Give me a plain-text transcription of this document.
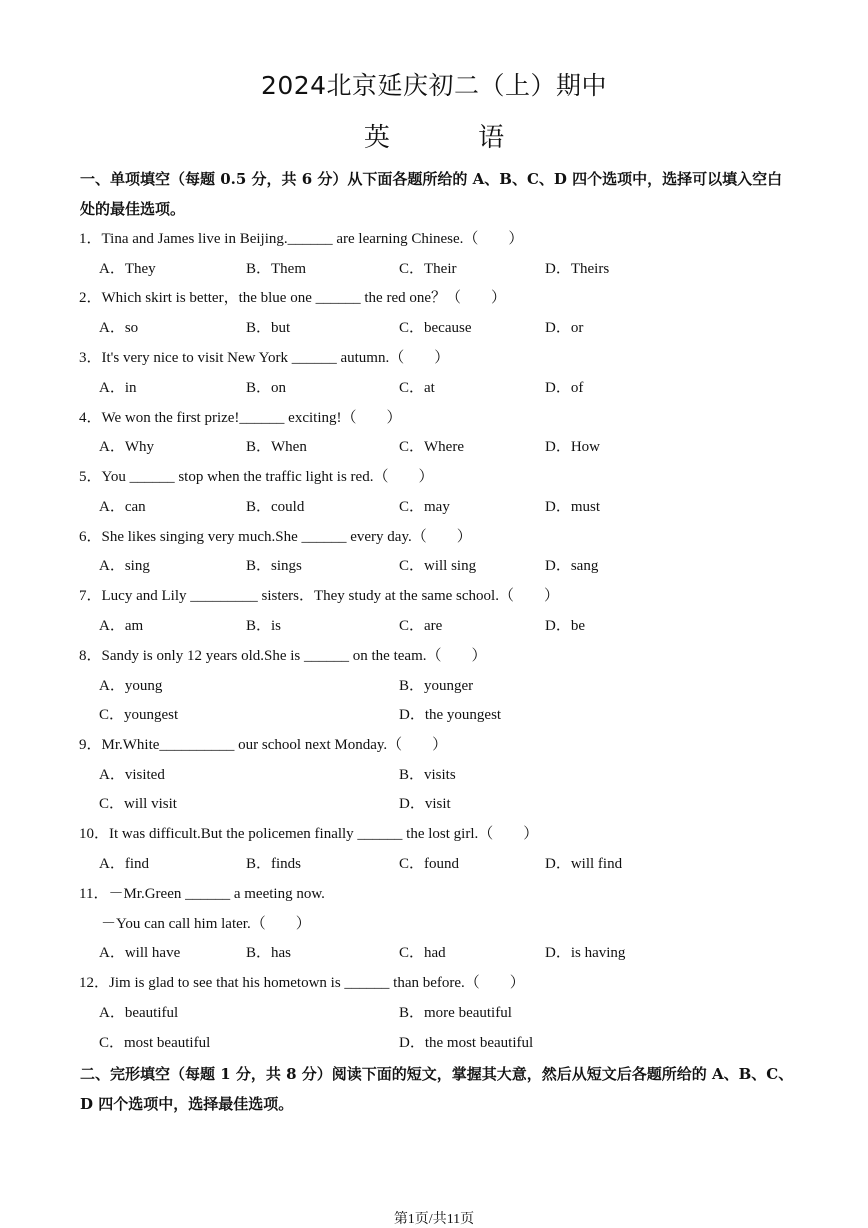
2024北京延庆初二（上）期中
英 语
一、单项填空（每题 0.5 分，共 6 分）从下面各题所给的 A、B、C、D 四个选项中，选择可以填入空白处的最佳选项。
1．Tina and James live in Beijing.______ are learning Chinese.（　　）
A．They	B．Them	C．Their	D．Theirs
2．Which skirt is better，the blue one ______ the red one？（　　）
A．so	B．but	C．because	D．or
3．It's very nice to visit New York ______ autumn.（　　）
A．in	B．on	C．at	D．of
4．We won the first prize!______ exciting!（　　）
A．Why	B．When	C．Where	D．How
5．You ______ stop when the traffic light is red.（　　）
A．can	B．could	C．may	D．must
6．She likes singing very much.She ______ every day.（　　）
A．sing	B．sings	C．will sing	D．sang
7．Lucy and Lily _________ sisters．They study at the same school.（　　）
A．am	B．is	C．are	D．be
8．Sandy is only 12 years old.She is ______ on the team.（　　）
A．young	B．younger
C．youngest	D．the youngest
9．Mr.White__________ our school next Monday.（　　）
A．visited	B．visits
C．will visit	D．visit
10．It was difficult.But the policemen finally ______ the lost girl.（　　）
A．find	B．finds	C．found	D．will find
11．－Mr.Green ______ a meeting now.
－You can call him later.（　　）
A．will have	B．has	C．had	D．is having
12．Jim is glad to see that his hometown is ______ than before.（　　）
A．beautiful	B．more beautiful
C．most beautiful	D．the most beautiful
二、完形填空（每题 1 分，共 8 分）阅读下面的短文，掌握其大意，然后从短文后各题所给的 A、B、C、D 四个选项中，选择最佳选项。
第1页/共11页
